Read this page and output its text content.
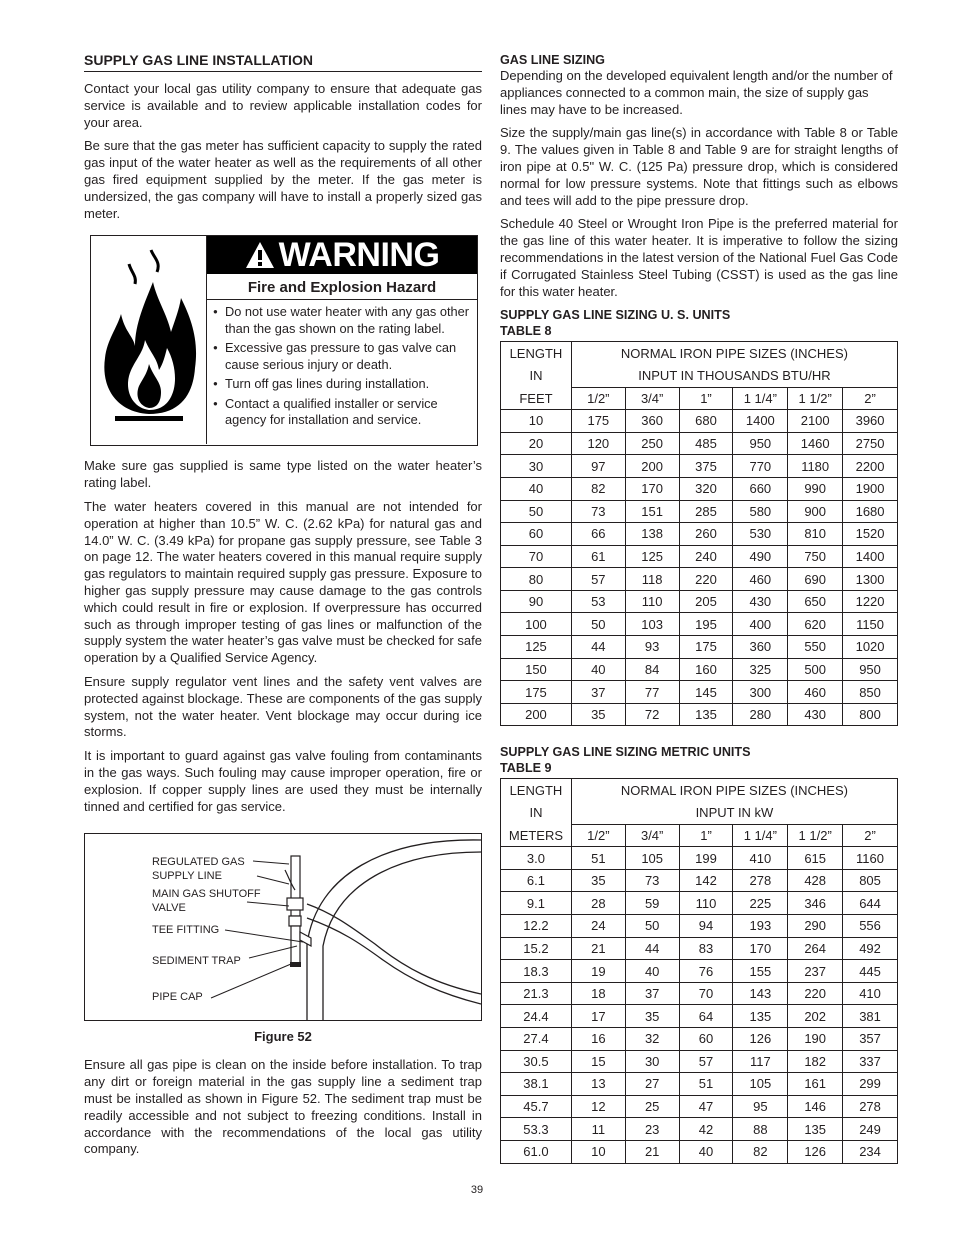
SUPPLY GAS LINE INSTALLATION

Contact your local gas utility company to ensure that adequate gas service is available and to review applicable installation codes for your area.

Be sure that the gas meter has sufficient capacity to supply the rated gas input of the water heater as well as the requirements of all other gas fired equipment supplied by the meter. If the gas meter is undersized, the gas company will have to install a properly sized gas meter.

WARNING
Fire and Explosion Hazard
● Do not use water heater with any gas other than the gas shown on the rating label.
● Excessive gas pressure to gas valve can cause serious injury or death.
● Turn off gas lines during installation.
● Contact a qualified installer or service agency for installation and service.

Make sure gas supplied is same type listed on the water heater’s rating label.

The water heaters covered in this manual are not intended for operation at higher than 10.5” W. C. (2.62 kPa) for natural gas and 14.0” W. C. (3.49 kPa) for propane gas supply pressure, see Table 3 on page 12. The water heaters covered in this manual require supply gas regulators to maintain required supply gas pressure. Exposure to higher gas supply pressure may cause damage to the gas controls which could result in fire or explosion. If overpressure has occurred such as through improper testing of gas lines or malfunction of the supply system the water heater’s gas valve must be checked for safe operation by a Qualified Service Agency.

Ensure supply regulator vent lines and the safety vent valves are protected against blockage. These are components of the gas supply system, not the water heater. Vent blockage may occur during ice storms.

It is important to guard against gas valve fouling from contaminants in the gas ways. Such fouling may cause improper operation, fire or explosion. If copper supply lines are used they must be internally tinned and certified for gas service.

REGULATED GAS SUPPLY LINE
MAIN GAS SHUTOFF VALVE
TEE FITTING
SEDIMENT TRAP
PIPE CAP
Figure 52

Ensure all gas pipe is clean on the inside before installation. To trap any dirt or foreign material in the gas supply line a sediment trap must be installed as shown in Figure 52. The sediment trap must be readily accessible and not subject to freezing conditions. Install in accordance with the recommendations of the local gas utility company.

GAS LINE SIZING

Depending on the developed equivalent length and/or the number of appliances connected to a common main, the size of supply gas lines may have to be increased.

Size the supply/main gas line(s) in accordance with Table 8 or Table 9. The values given in Table 8 and Table 9 are for straight lengths of iron pipe at 0.5" W. C. (125 Pa) pressure drop, which is considered normal for low pressure systems. Note that fittings such as elbows and tees will add to the pipe pressure drop.

Schedule 40 Steel or Wrought Iron Pipe is the preferred material for the gas line of this water heater. It is imperative to follow the sizing recommendations in the latest version of the National Fuel Gas Code if Corrugated Stainless Steel Tubing (CSST) is used as the gas line for this water heater.

SUPPLY GAS LINE SIZING U. S. UNITS
TABLE 8
LENGTH	NORMAL IRON PIPE SIZES (INCHES)					
IN	INPUT IN THOUSANDS BTU/HR					
FEET	1/2”	3/4”	1”	1 1/4”	1 1/2”	2”
10	175	360	680	1400	2100	3960
20	120	250	485	950	1460	2750
30	97	200	375	770	1180	2200
40	82	170	320	660	990	1900
50	73	151	285	580	900	1680
60	66	138	260	530	810	1520
70	61	125	240	490	750	1400
80	57	118	220	460	690	1300
90	53	110	205	430	650	1220
100	50	103	195	400	620	1150
125	44	93	175	360	550	1020
150	40	84	160	325	500	950
175	37	77	145	300	460	850
200	35	72	135	280	430	800
SUPPLY GAS LINE SIZING METRIC UNITS
TABLE 9
LENGTH	NORMAL IRON PIPE SIZES (INCHES)					
IN	INPUT IN kW					
METERS	1/2”	3/4”	1”	1 1/4”	1 1/2”	2”
3.0	51	105	199	410	615	1160
6.1	35	73	142	278	428	805
9.1	28	59	110	225	346	644
12.2	24	50	94	193	290	556
15.2	21	44	83	170	264	492
18.3	19	40	76	155	237	445
21.3	18	37	70	143	220	410
24.4	17	35	64	135	202	381
27.4	16	32	60	126	190	357
30.5	15	30	57	117	182	337
38.1	13	27	51	105	161	299
45.7	12	25	47	95	146	278
53.3	11	23	42	88	135	249
61.0	10	21	40	82	126	234
39
